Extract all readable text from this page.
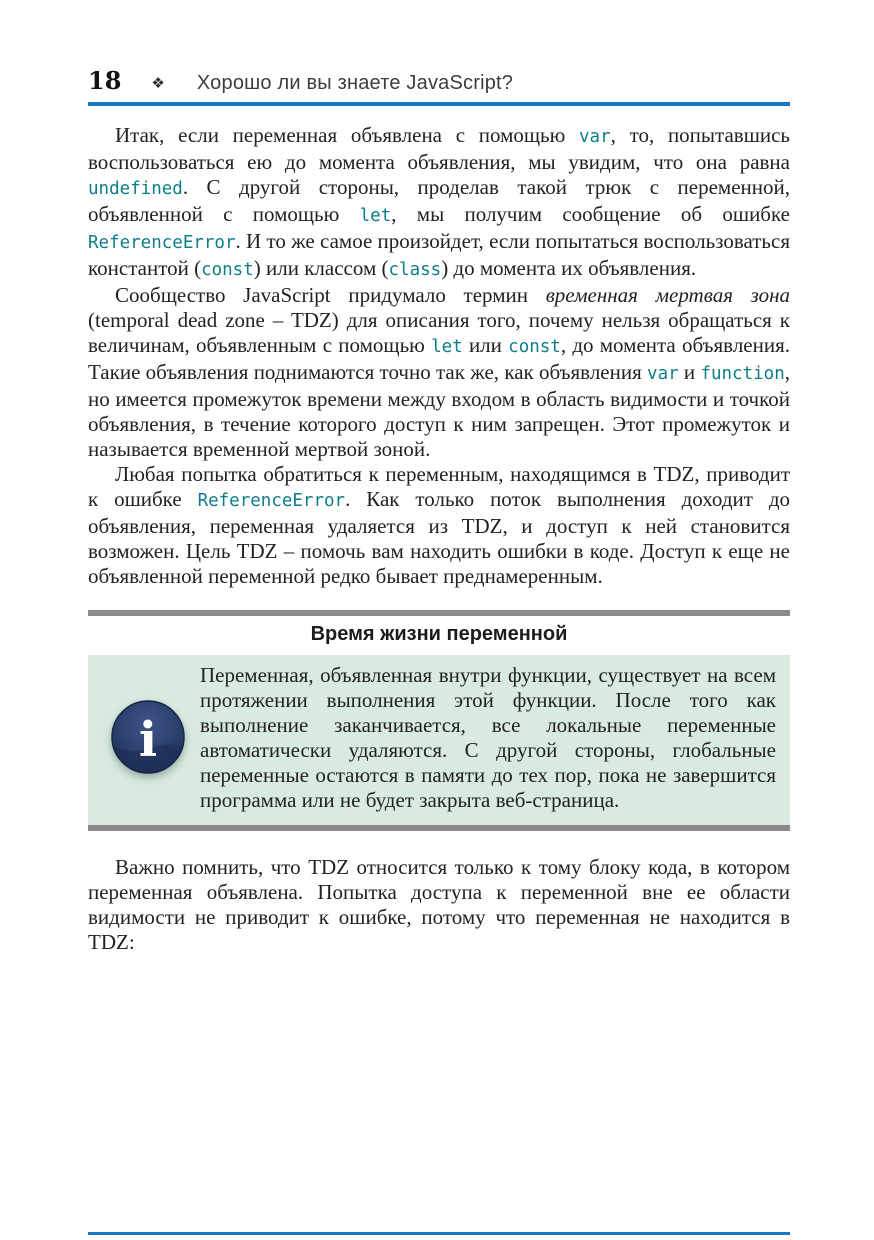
18 ❖ Хорошо ли вы знаете JavaScript?

Итак, если переменная объявлена с помощью var, то, попытавшись воспользоваться ею до момента объявления, мы увидим, что она равна undefined. С другой стороны, проделав такой трюк с переменной, объявленной с помощью let, мы получим сообщение об ошибке ReferenceError. И то же самое произойдет, если попытаться воспользоваться константой (const) или классом (class) до момента их объявления.

Сообщество JavaScript придумало термин временная мертвая зона (temporal dead zone – TDZ) для описания того, почему нельзя обращаться к величинам, объявленным с помощью let или const, до момента объявления. Такие объявления поднимаются точно так же, как объявления var и function, но имеется промежуток времени между входом в область видимости и точкой объявления, в течение которого доступ к ним запрещен. Этот промежуток и называется временной мертвой зоной.

Любая попытка обратиться к переменным, находящимся в TDZ, приводит к ошибке ReferenceError. Как только поток выполнения доходит до объявления, переменная удаляется из TDZ, и доступ к ней становится возможен. Цель TDZ – помочь вам находить ошибки в коде. Доступ к еще не объявленной переменной редко бывает преднамеренным.

Время жизни переменной
i

Переменная, объявленная внутри функции, существует на всем протяжении выполнения этой функции. После того как выполнение заканчивается, все локальные переменные автоматически удаляются. С другой стороны, глобальные переменные остаются в памяти до тех пор, пока не завершится программа или не будет закрыта веб-страница.

Важно помнить, что TDZ относится только к тому блоку кода, в котором переменная объявлена. Попытка доступа к переменной вне ее области видимости не приводит к ошибке, потому что переменная не находится в TDZ:
